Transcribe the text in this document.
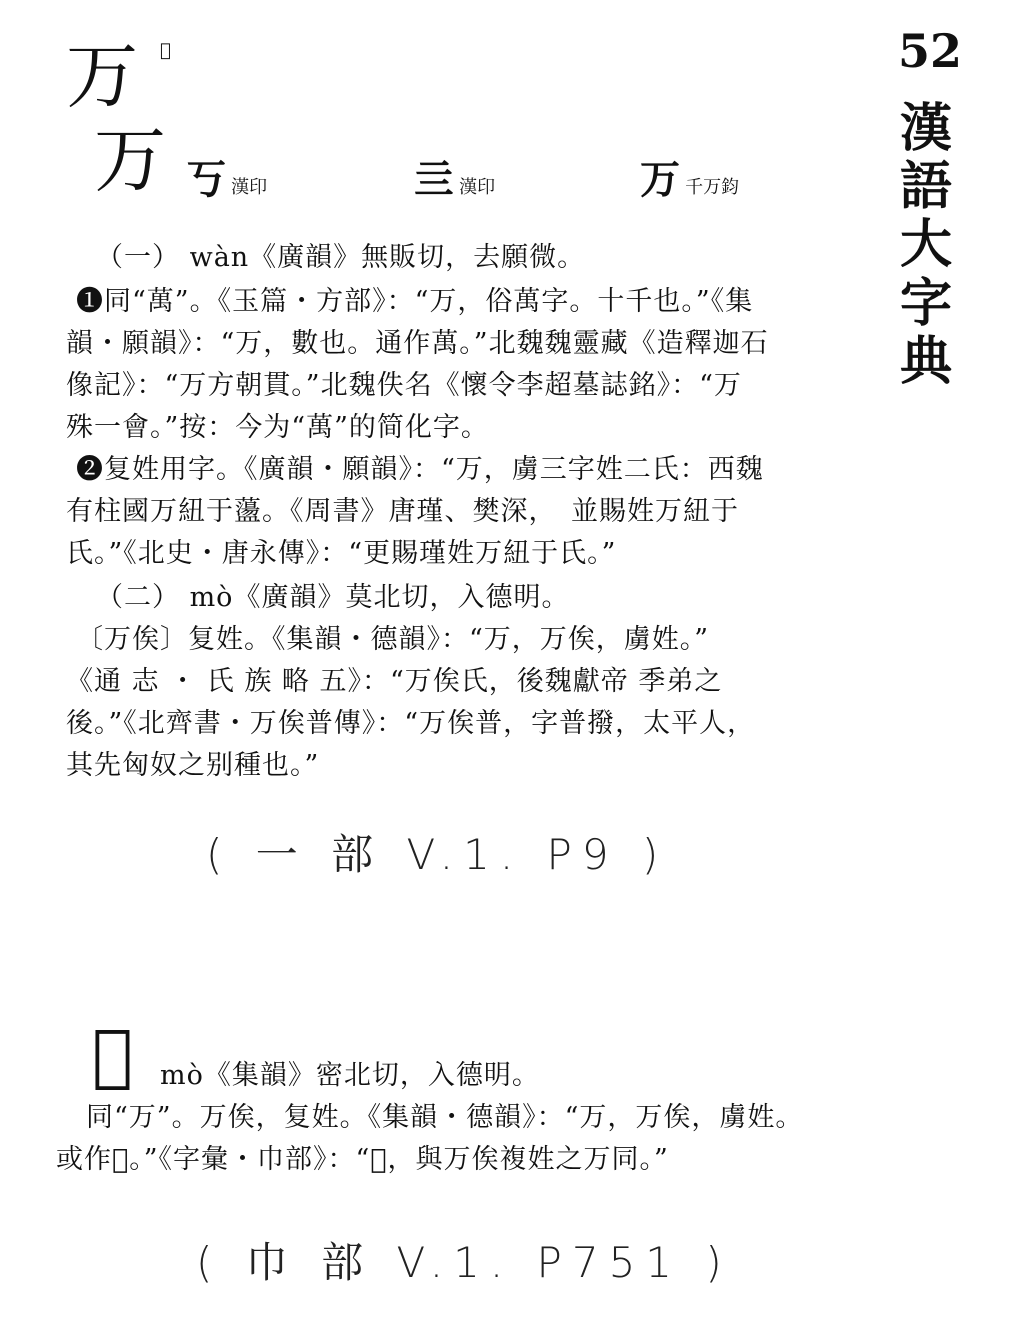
52
漢語大字典
万 𡧧
万 丂 漢印	亖 漢印	万 千万鈞
（一） wàn《廣韻》無販切，去願微。
❶同“萬”。《玉篇・方部》：“万，俗萬字。十千也。”《集
韻・願韻》：“万，數也。通作萬。”北魏魏靈藏《造釋迦石
像記》：“万方朝貫。”北魏佚名《懷令李超墓誌銘》：“万
殊一會。”按：今为“萬”的简化字。
❷复姓用字。《廣韻・願韻》：“万，虜三字姓二氏：西魏
有柱國万紐于蘯。《周書》唐瑾、樊深，　並賜姓万紐于
氏。”《北史・唐永傳》：“更賜瑾姓万紐于氏。”
（二） mò《廣韻》莫北切，入德明。
〔万俟〕复姓。《集韻・德韻》：“万，万俟，虜姓。”
《通 志 ・ 氏 族 略 五》：“万俟氏，後魏獻帝 季弟之
後。”《北齊書・万俟普傳》：“万俟普，字普撥，太平人，
其先匈奴之别種也。”
( 一 部 V.1. P9 )
𡧧 mò《集韻》密北切，入德明。
同“万”。万俟，复姓。《集韻・德韻》：“万，万俟，虜姓。
或作𡧧。”《字彙・巾部》：“𡧧，與万俟複姓之万同。”
( 巾 部 V.1. P751 )
